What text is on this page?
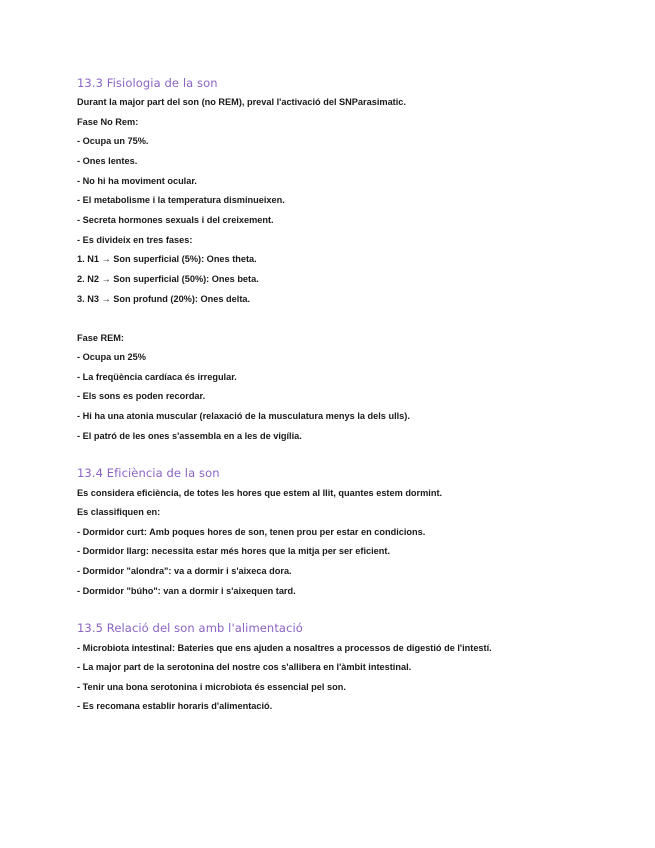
13.3 Fisiologia de la son

Durant la major part del son (no REM), preval l'activació del SNParasimatic.

Fase No Rem:

- Ocupa un 75%.

- Ones lentes.

- No hi ha moviment ocular.

- El metabolisme i la temperatura disminueixen.

- Secreta hormones sexuals i del creixement.

- Es divideix en tres fases:

1. N1 → Son superficial (5%): Ones theta.

2. N2 → Son superficial (50%): Ones beta.

3. N3 → Son profund (20%): Ones delta.

Fase REM:

- Ocupa un 25%

- La freqüència cardíaca és irregular.

- Els sons es poden recordar.

- Hi ha una atonia muscular (relaxació de la musculatura menys la dels ulls).

- El patró de les ones s'assembla en a les de vigília.

13.4 Eficiència de la son

Es considera eficiència, de totes les hores que estem al llit, quantes estem dormint.

Es classifiquen en:

- Dormidor curt: Amb poques hores de son, tenen prou per estar en condicions.

- Dormidor llarg: necessita estar més hores que la mitja per ser eficient.

- Dormidor "alondra": va a dormir i s'aixeca dora.

- Dormidor "búho": van a dormir i s'aixequen tard.

13.5 Relació del son amb l'alimentació

- Microbiota intestinal: Bateries que ens ajuden a nosaltres a processos de digestió de l'intestí.

- La major part de la serotonina del nostre cos s'allibera en l'àmbit intestinal.

- Tenir una bona serotonina i microbiota és essencial pel son.

- Es recomana establir horaris d'alimentació.
